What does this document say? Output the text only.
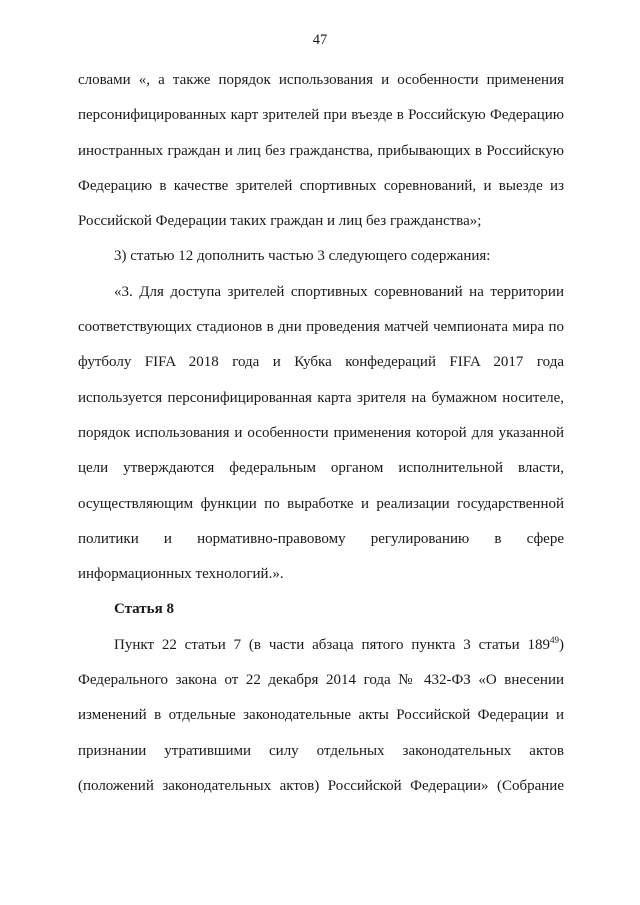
47
словами «, а также порядок использования и особенности применения
персонифицированных карт зрителей при въезде в Российскую Федерацию
иностранных граждан и лиц без гражданства, прибывающих в Российскую
Федерацию в качестве зрителей спортивных соревнований, и выезде из
Российской Федерации таких граждан и лиц без гражданства»;
3) статью 12 дополнить частью 3 следующего содержания:
«3. Для доступа зрителей спортивных соревнований на территории
соответствующих стадионов в дни проведения матчей чемпионата мира по
футболу FIFA 2018 года и Кубка конфедераций FIFA 2017 года
используется персонифицированная карта зрителя на бумажном носителе,
порядок использования и особенности применения которой для указанной
цели утверждаются федеральным органом исполнительной власти,
осуществляющим функции по выработке и реализации государственной
политики и нормативно-правовому регулированию в сфере
информационных технологий.».
Статья 8
Пункт 22 статьи 7 (в части абзаца пятого пункта 3 статьи $189^{49}$)
Федерального закона от 22 декабря 2014 года № 432-ФЗ «О внесении
изменений в отдельные законодательные акты Российской Федерации и
признании утратившими силу отдельных законодательных актов
(положений законодательных актов) Российской Федерации» (Собрание
